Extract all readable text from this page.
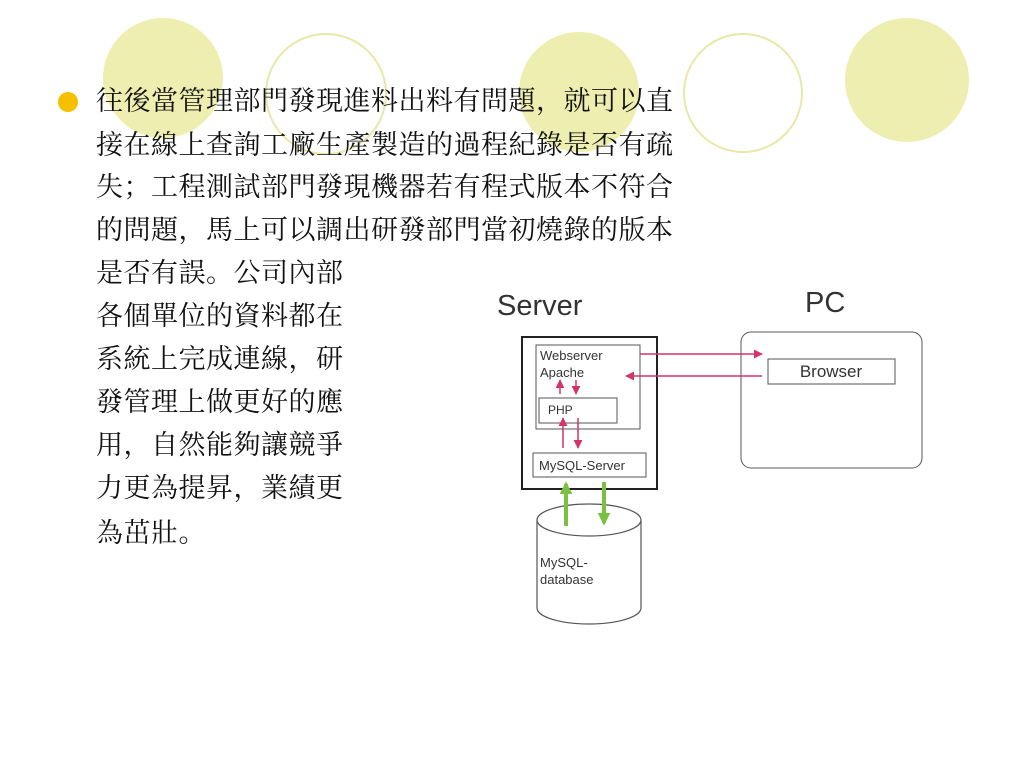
往後當管理部門發現進料出料有問題，就可以直
接在線上查詢工廠生產製造的過程紀錄是否有疏
失；工程測試部門發現機器若有程式版本不符合
的問題，馬上可以調出研發部門當初燒錄的版本
是否有誤。公司內部
各個單位的資料都在
系統上完成連線，研
發管理上做更好的應
用，自然能夠讓競爭
力更為提昇，業績更
為茁壯。
Server	PC
Webserver
Apache
PHP
MySQL-Server
Browser
MySQL-
database
